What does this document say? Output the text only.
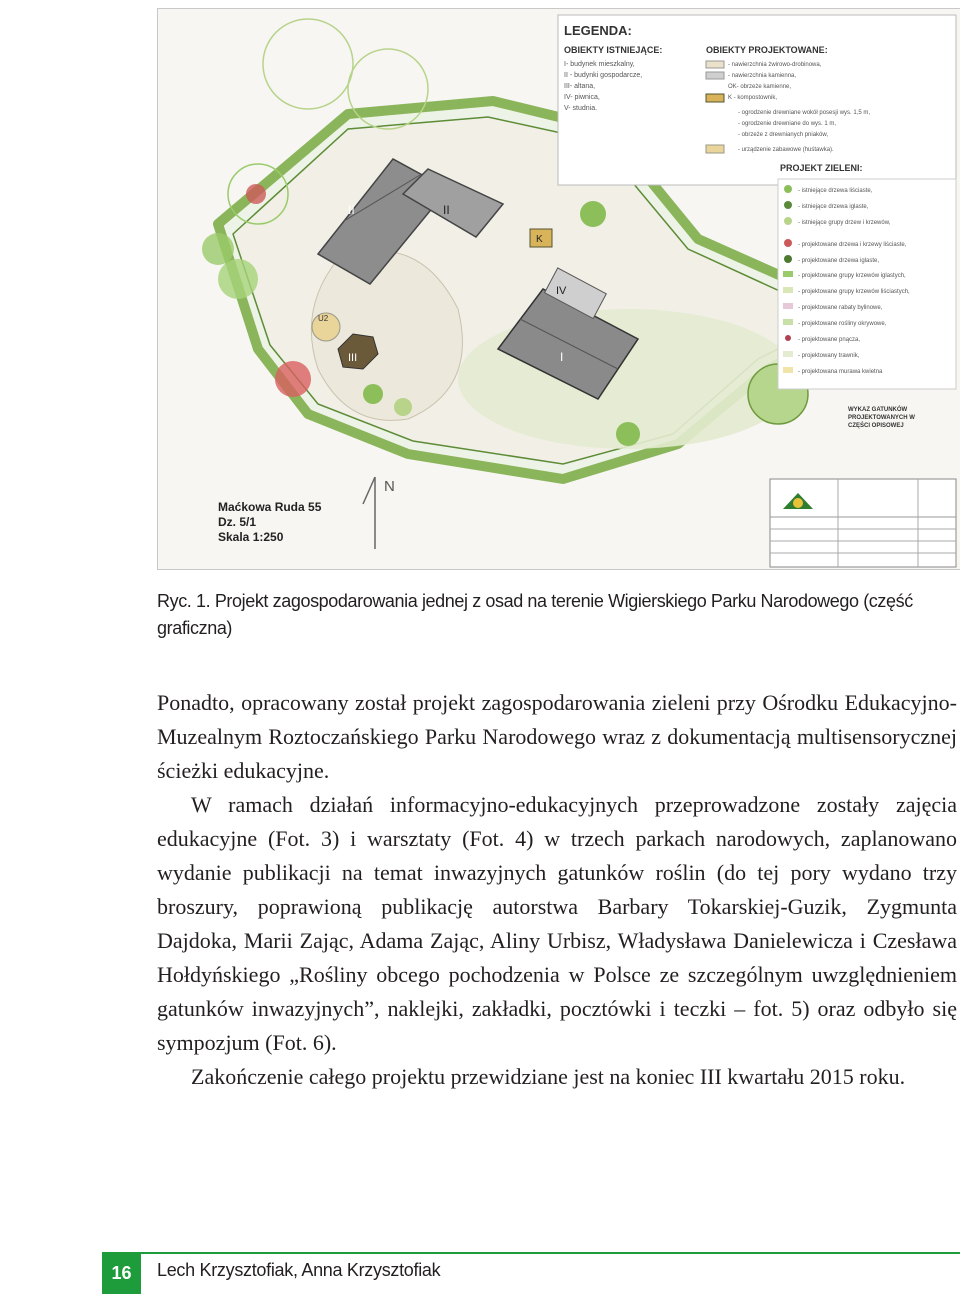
II	II
IV
I
III
K
U2
LEGENDA:
OBIEKTY ISTNIEJĄCE:
I- budynek mieszkalny,
II - budynki gospodarcze,
III- altana,
IV- piwnica,
V- studnia.
OBIEKTY PROJEKTOWANE:
- nawierzchnia żwirowo-drobinowa,
- nawierzchnia kamienna,
OK- obrzeże kamienne,
K - kompostownik,
- ogrodzenie drewniane wokół posesji wys. 1,5 m,
- ogrodzenie drewniane do wys. 1 m,
- obrzeże z drewnianych pniaków,
- urządzenie zabawowe (huśtawka).
PROJEKT ZIELENI:
- istniejące drzewa liściaste,
- istniejące drzewa iglaste,
- istniejące grupy drzew i krzewów,
- projektowane drzewa i krzewy liściaste,
- projektowane drzewa iglaste,
- projektowane grupy krzewów iglastych,
- projektowane grupy krzewów liściastych,
- projektowane rabaty bylinowe,
- projektowane rośliny okrywowe,
- projektowane pnącza,
- projektowany trawnik,
- projektowana murawa kwietna
WYKAZ GATUNKÓW
PROJEKTOWANYCH W
CZĘŚCI OPISOWEJ
N
Maćkowa Ruda 55
Dz. 5/1
Skala 1:250
Ryc. 1. Projekt zagospodarowania jednej z osad na terenie Wigierskiego Parku Narodowego (część graficzna)

Ponadto, opracowany został projekt zagospodarowania zieleni przy Ośrodku Edukacyjno-Muzealnym Roztoczańskiego Parku Narodowego wraz z dokumentacją multisensorycznej ścieżki edukacyjne.

W ramach działań informacyjno-edukacyjnych przeprowadzone zostały zajęcia edukacyjne (Fot. 3) i warsztaty (Fot. 4) w trzech parkach narodowych, zaplanowano wydanie publikacji na temat inwazyjnych gatunków roślin (do tej pory wydano trzy broszury, poprawioną publikację autorstwa Barbary Tokarskiej-Guzik, Zygmunta Dajdoka, Marii Zając, Adama Zając, Aliny Urbisz, Władysława Danielewicza i Czesława Hołdyńskiego „Rośliny obcego pochodzenia w Polsce ze szczególnym uwzględnieniem gatunków inwazyjnych”, naklejki, zakładki, pocztówki i teczki – fot. 5) oraz odbyło się sympozjum (Fot. 6).

Zakończenie całego projektu przewidziane jest na koniec III kwartału 2015 roku.

16	Lech Krzysztofiak, Anna Krzysztofiak
